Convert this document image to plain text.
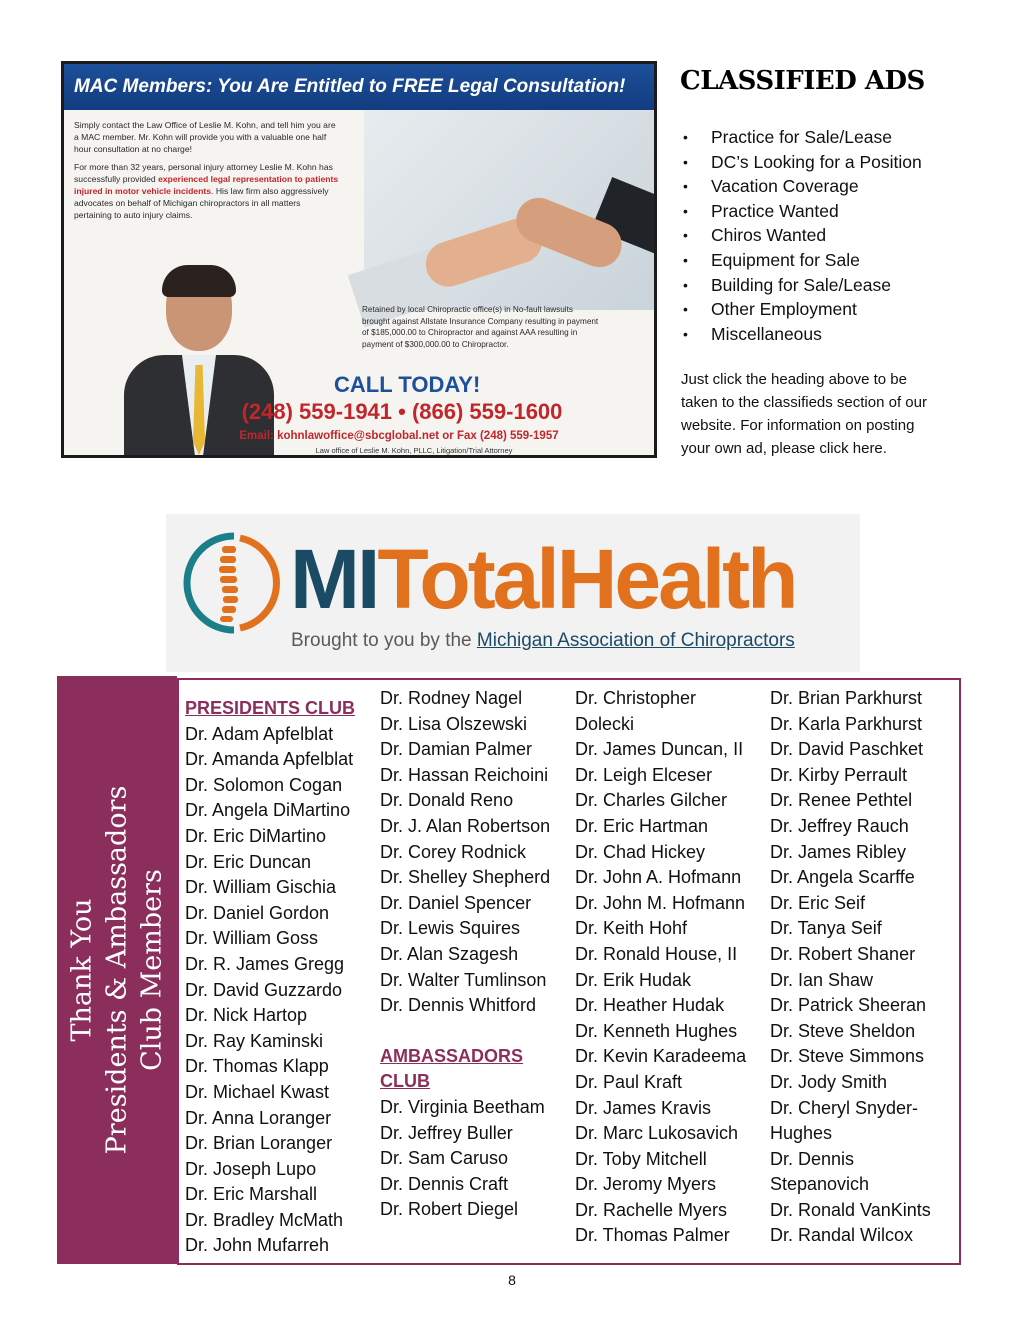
MAC Members: You Are Entitled to FREE Legal Consultation!

Simply contact the Law Office of Leslie M. Kohn, and tell him you are a MAC member. Mr. Kohn will provide you with a valuable one half hour consultation at no charge!

For more than 32 years, personal injury attorney Leslie M. Kohn has successfully provided experienced legal representation to patients injured in motor vehicle incidents. His law firm also aggressively advocates on behalf of Michigan chiropractors in all matters pertaining to auto injury claims.

Retained by local Chiropractic office(s) in No-fault lawsuits brought against Allstate Insurance Company resulting in payment of $185,000.00 to Chiropractor and against AAA resulting in payment of $300,000.00 to Chiropractor.
CALL TODAY!
(248) 559-1941 • (866) 559-1600
Email: kohnlawoffice@sbcglobal.net or Fax (248) 559-1957
Law office of Leslie M. Kohn, PLLC, Litigation/Trial Attorney
CLASSIFIED ADS
• Practice for Sale/Lease
• DC’s Looking for a Position
• Vacation Coverage
• Practice Wanted
• Chiros Wanted
• Equipment for Sale
• Building for Sale/Lease
• Other Employment
• Miscellaneous
Just click the heading above to be taken to the classifieds section of our website. For information on posting your own ad, please click here.
MITotalHealth
Brought to you by the Michigan Association of Chiropractors
Thank You Presidents & Ambassadors Club Members
PRESIDENTS CLUB
Dr. Adam Apfelblat
Dr. Amanda Apfelblat
Dr. Solomon Cogan
Dr. Angela DiMartino
Dr. Eric DiMartino
Dr. Eric Duncan
Dr. William Gischia
Dr. Daniel Gordon
Dr. William Goss
Dr. R. James Gregg
Dr. David Guzzardo
Dr. Nick Hartop
Dr. Ray Kaminski
Dr. Thomas Klapp
Dr. Michael Kwast
Dr. Anna Loranger
Dr. Brian Loranger
Dr. Joseph Lupo
Dr. Eric Marshall
Dr. Bradley McMath
Dr. John Mufarreh
Dr. Rodney Nagel
Dr. Lisa Olszewski
Dr. Damian Palmer
Dr. Hassan Reichoini
Dr. Donald Reno
Dr. J. Alan Robertson
Dr. Corey Rodnick
Dr. Shelley Shepherd
Dr. Daniel Spencer
Dr. Lewis Squires
Dr. Alan Szagesh
Dr. Walter Tumlinson
Dr. Dennis Whitford
AMBASSADORS
CLUB
Dr. Virginia Beetham
Dr. Jeffrey Buller
Dr. Sam Caruso
Dr. Dennis Craft
Dr. Robert Diegel
Dr. Christopher
Dolecki
Dr. James Duncan, II
Dr. Leigh Elceser
Dr. Charles Gilcher
Dr. Eric Hartman
Dr. Chad Hickey
Dr. John A. Hofmann
Dr. John M. Hofmann
Dr. Keith Hohf
Dr. Ronald House, II
Dr. Erik Hudak
Dr. Heather Hudak
Dr. Kenneth Hughes
Dr. Kevin Karadeema
Dr. Paul Kraft
Dr. James Kravis
Dr. Marc Lukosavich
Dr. Toby Mitchell
Dr. Jeromy Myers
Dr. Rachelle Myers
Dr. Thomas Palmer
Dr. Brian Parkhurst
Dr. Karla Parkhurst
Dr. David Paschket
Dr. Kirby Perrault
Dr. Renee Pethtel
Dr. Jeffrey Rauch
Dr. James Ribley
Dr. Angela Scarffe
Dr. Eric Seif
Dr. Tanya Seif
Dr. Robert Shaner
Dr. Ian Shaw
Dr. Patrick Sheeran
Dr. Steve Sheldon
Dr. Steve Simmons
Dr. Jody Smith
Dr. Cheryl Snyder-
Hughes
Dr. Dennis
Stepanovich
Dr. Ronald VanKints
Dr. Randal Wilcox
8
